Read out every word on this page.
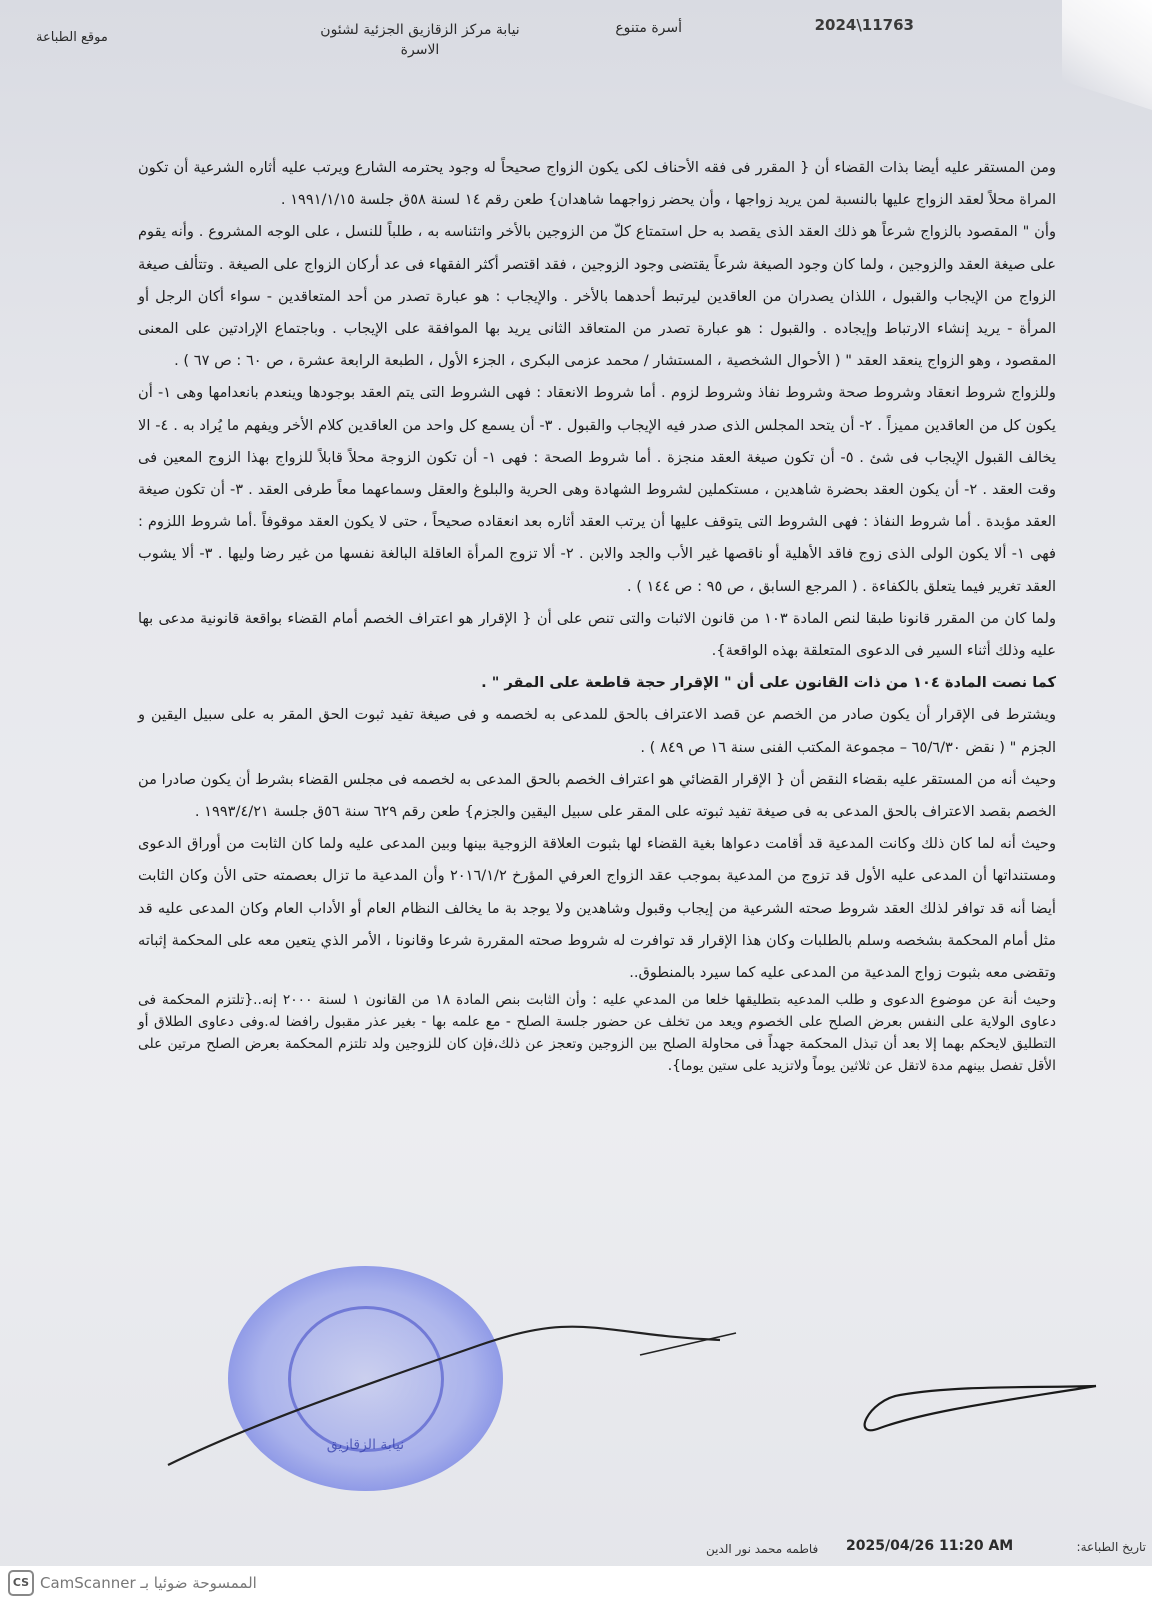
2024\11763
أسرة متنوع
نيابة مركز الزقازيق الجزئية لشئون
الاسرة
موقع الطباعة

ومن المستقر عليه أيضا بذات القضاء أن { المقرر فى فقه الأحناف لكى يكون الزواج صحيحاً له وجود يحترمه الشارع ويرتب عليه أثاره الشرعية أن تكون المراة محلاً لعقد الزواج عليها بالنسبة لمن يريد زواجها ، وأن يحضر زواجهما شاهدان} طعن رقم ١٤ لسنة ٥٨ق جلسة ١٩٩١/١/١٥ .

وأن " المقصود بالزواج شرعاً هو ذلك العقد الذى يقصد به حل استمتاع كلّ من الزوجين بالأخر واتئناسه به ، طلباً للنسل ، على الوجه المشروع . وأنه يقوم على صيغة العقد والزوجين ، ولما كان وجود الصيغة شرعاً يقتضى وجود الزوجين ، فقد اقتصر أكثر الفقهاء فى عد أركان الزواج على الصيغة . وتتألف صيغة الزواج من الإيجاب والقبول ، اللذان يصدران من العاقدين ليرتبط أحدهما بالأخر . والإيجاب : هو عبارة تصدر من أحد المتعاقدين - سواء أكان الرجل أو المرأة - يريد إنشاء الارتباط وإيجاده . والقبول : هو عبارة تصدر من المتعاقد الثانى يريد بها الموافقة على الإيجاب . وباجتماع الإرادتين على المعنى المقصود ، وهو الزواج ينعقد العقد " ( الأحوال الشخصية ، المستشار / محمد عزمى البكرى ، الجزء الأول ، الطبعة الرابعة عشرة ، ص ٦٠ : ص ٦٧ ) .

وللزواج شروط انعقاد وشروط صحة وشروط نفاذ وشروط لزوم . أما شروط الانعقاد : فهى الشروط التى يتم العقد بوجودها وينعدم بانعدامها وهى ١- أن يكون كل من العاقدين مميزاً . ٢- أن يتحد المجلس الذى صدر فيه الإيجاب والقبول . ٣- أن يسمع كل واحد من العاقدين كلام الأخر ويفهم ما يُراد به . ٤- الا يخالف القبول الإيجاب فى شئ . ٥- أن تكون صيغة العقد منجزة . أما شروط الصحة : فهى ١- أن تكون الزوجة محلاً قابلاً للزواج بهذا الزوج المعين فى وقت العقد . ٢- أن يكون العقد بحضرة شاهدين ، مستكملين لشروط الشهادة وهى الحرية والبلوغ والعقل وسماعهما معاً طرفى العقد . ٣- أن تكون صيغة العقد مؤبدة . أما شروط النفاذ : فهى الشروط التى يتوقف عليها أن يرتب العقد أثاره بعد انعقاده صحيحاً ، حتى لا يكون العقد موقوفاً .أما شروط اللزوم : فهى ١- ألا يكون الولى الذى زوج فاقد الأهلية أو ناقصها غير الأب والجد والابن . ٢- ألا تزوج المرأة العاقلة البالغة نفسها من غير رضا وليها . ٣- ألا يشوب العقد تغرير فيما يتعلق بالكفاءة . ( المرجع السابق ، ص ٩٥ : ص ١٤٤ ) .

ولما كان من المقرر قانونا طبقا لنص المادة ١٠٣ من قانون الاثبات والتى تنص على أن { الإقرار هو اعتراف الخصم أمام القضاء بواقعة قانونية مدعى بها عليه وذلك أثناء السير فى الدعوى المتعلقة بهذه الواقعة}.

كما نصت المادة ١٠٤ من ذات القانون على أن " الإقرار حجة قاطعة على المقر " .

ويشترط فى الإقرار أن يكون صادر من الخصم عن قصد الاعتراف بالحق للمدعى به لخصمه و فى صيغة تفيد ثبوت الحق المقر به على سبيل اليقين و الجزم " ( نقض ٦٥/٦/٣٠ – مجموعة المكتب الفنى سنة ١٦ ص ٨٤٩ ) .

وحيث أنه من المستقر عليه بقضاء النقض أن { الإقرار القضائي هو اعتراف الخصم بالحق المدعى به لخصمه فى مجلس القضاء بشرط أن يكون صادرا من الخصم بقصد الاعتراف بالحق المدعى به فى صيغة تفيد ثبوته على المقر على سبيل اليقين والجزم} طعن رقم ٦٢٩ سنة ٥٦ق جلسة ١٩٩٣/٤/٢١ .

وحيث أنه لما كان ذلك وكانت المدعية قد أقامت دعواها بغية القضاء لها بثبوت العلاقة الزوجية بينها وبين المدعى عليه ولما كان الثابت من أوراق الدعوى ومستنداتها أن المدعى عليه الأول قد تزوج من المدعية بموجب عقد الزواج العرفي المؤرخ ٢٠١٦/١/٢ وأن المدعية ما تزال بعصمته حتى الأن وكان الثابت أيضا أنه قد توافر لذلك العقد شروط صحته الشرعية من إيجاب وقبول وشاهدين ولا يوجد بة ما يخالف النظام العام أو الأداب العام وكان المدعى عليه قد مثل أمام المحكمة بشخصه وسلم بالطلبات وكان هذا الإقرار قد توافرت له شروط صحته المقررة شرعا وقانونا ، الأمر الذي يتعين معه على المحكمة إثباته وتقضى معه بثبوت زواج المدعية من المدعى عليه كما سيرد بالمنطوق..

وحيث أنة عن موضوع الدعوى و طلب المدعيه بتطليقها خلعا من المدعي عليه : وأن الثابت بنص المادة ١٨ من القانون ١ لسنة ٢٠٠٠ إنه..{تلتزم المحكمة فى دعاوى الولاية على النفس بعرض الصلح على الخصوم ويعد من تخلف عن حضور جلسة الصلح - مع علمه بها - بغير عذر مقبول رافضا له.وفى دعاوى الطلاق أو التطليق لايحكم بهما إلا بعد أن تبذل المحكمة جهداً فى محاولة الصلح بين الزوجين وتعجز عن ذلك،فإن كان للزوجين ولد تلتزم المحكمة بعرض الصلح مرتين على الأقل تفصل بينهم مدة لاتقل عن ثلاثين يوماً ولاتزيد على ستين يوما}.

نيابة الزقازيق
2025/04/26 11:20 AM
فاطمه محمد نور الدين	تاريخ الطباعة:
CS CamScanner الممسوحة ضوئيا بـ
